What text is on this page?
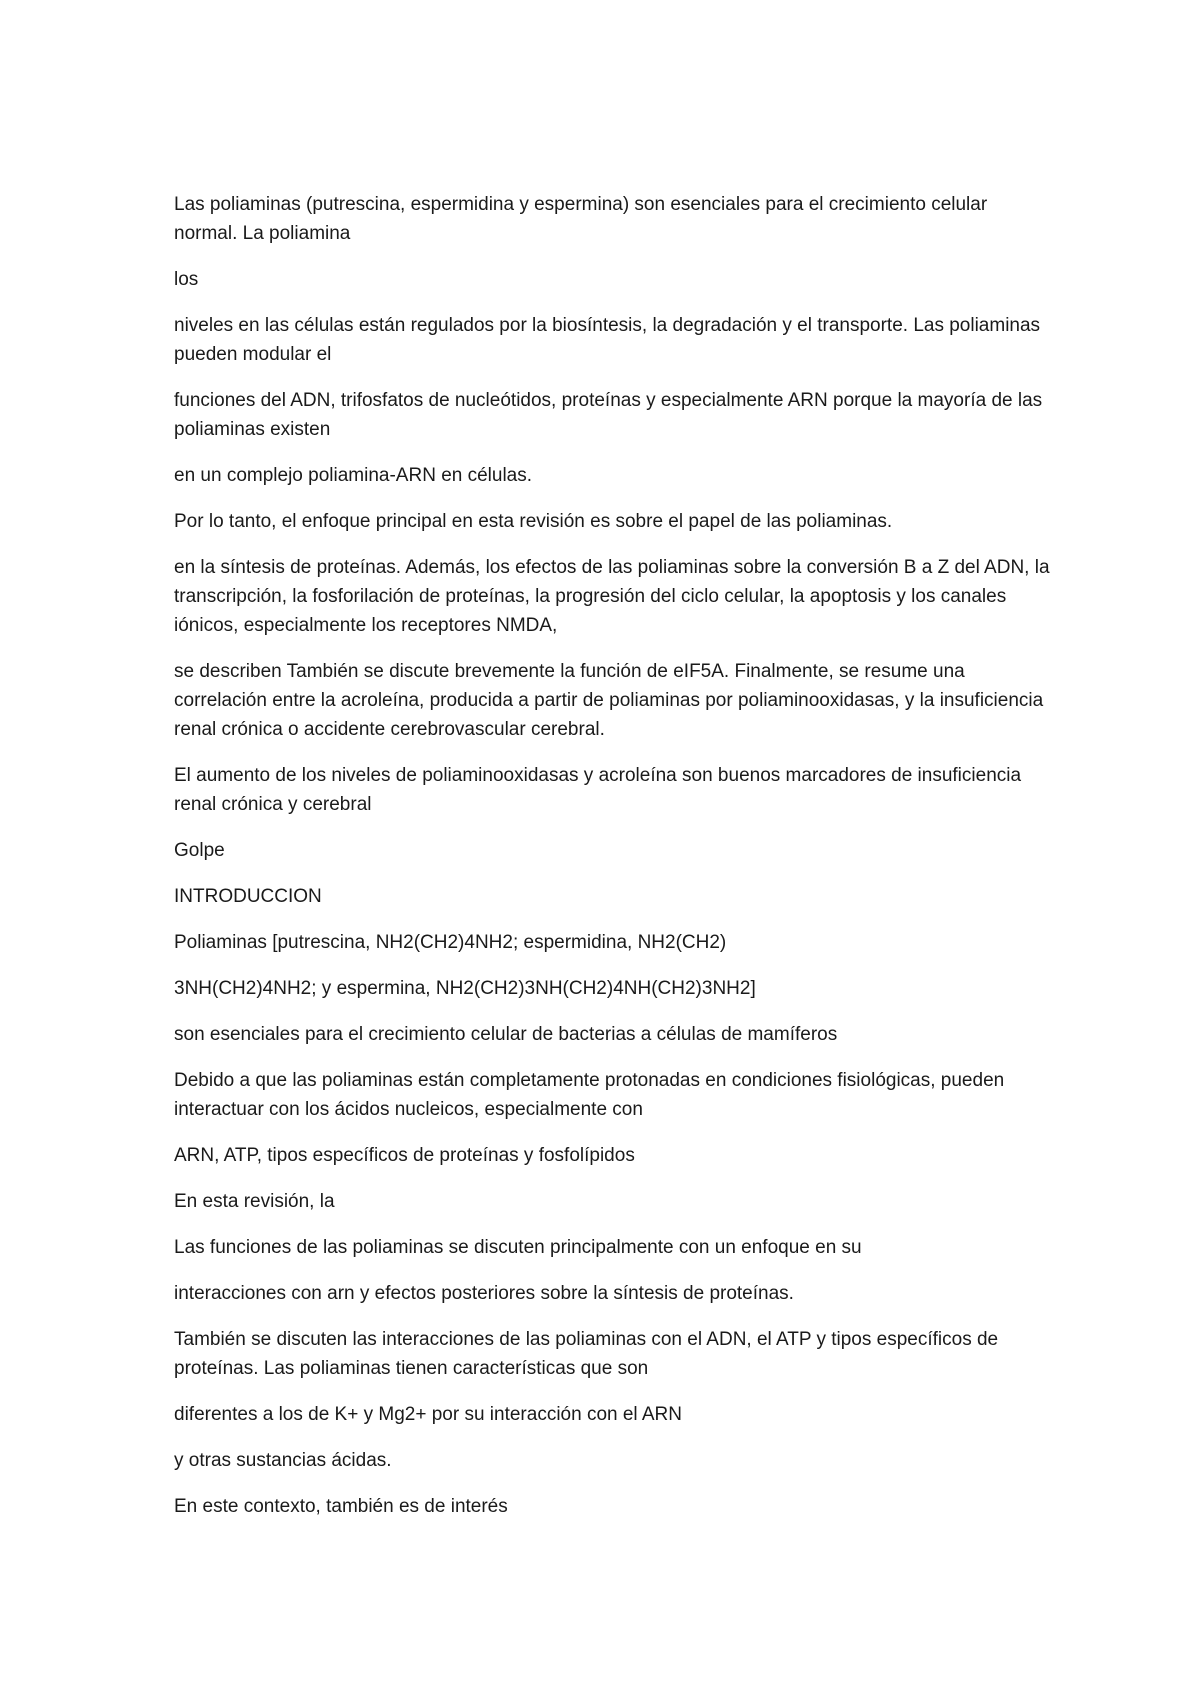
Las poliaminas (putrescina, espermidina y espermina) son esenciales para el crecimiento celular normal. La poliamina

los

niveles en las células están regulados por la biosíntesis, la degradación y el transporte. Las poliaminas pueden modular el

funciones del ADN, trifosfatos de nucleótidos, proteínas y especialmente ARN porque la mayoría de las poliaminas existen

en un complejo poliamina-ARN en células.

Por lo tanto, el enfoque principal en esta revisión es sobre el papel de las poliaminas.

en la síntesis de proteínas. Además, los efectos de las poliaminas sobre la conversión B a Z del ADN, la transcripción, la fosforilación de proteínas, la progresión del ciclo celular, la apoptosis y los canales iónicos, especialmente los receptores NMDA,

se describen También se discute brevemente la función de eIF5A. Finalmente, se resume una correlación entre la acroleína, producida a partir de poliaminas por poliaminooxidasas, y la insuficiencia renal crónica o accidente cerebrovascular cerebral.

El aumento de los niveles de poliaminooxidasas y acroleína son buenos marcadores de insuficiencia renal crónica y cerebral

Golpe

INTRODUCCION

Poliaminas [putrescina, NH2(CH2)4NH2; espermidina, NH2(CH2)

3NH(CH2)4NH2; y espermina, NH2(CH2)3NH(CH2)4NH(CH2)3NH2]

son esenciales para el crecimiento celular de bacterias a células de mamíferos

Debido a que las poliaminas están completamente protonadas en condiciones fisiológicas, pueden interactuar con los ácidos nucleicos, especialmente con

ARN, ATP, tipos específicos de proteínas y fosfolípidos

En esta revisión, la

Las funciones de las poliaminas se discuten principalmente con un enfoque en su

interacciones con arn y efectos posteriores sobre la síntesis de proteínas.

También se discuten las interacciones de las poliaminas con el ADN, el ATP y tipos específicos de proteínas. Las poliaminas tienen características que son

diferentes a los de K+ y Mg2+ por su interacción con el ARN

y otras sustancias ácidas.

En este contexto, también es de interés
